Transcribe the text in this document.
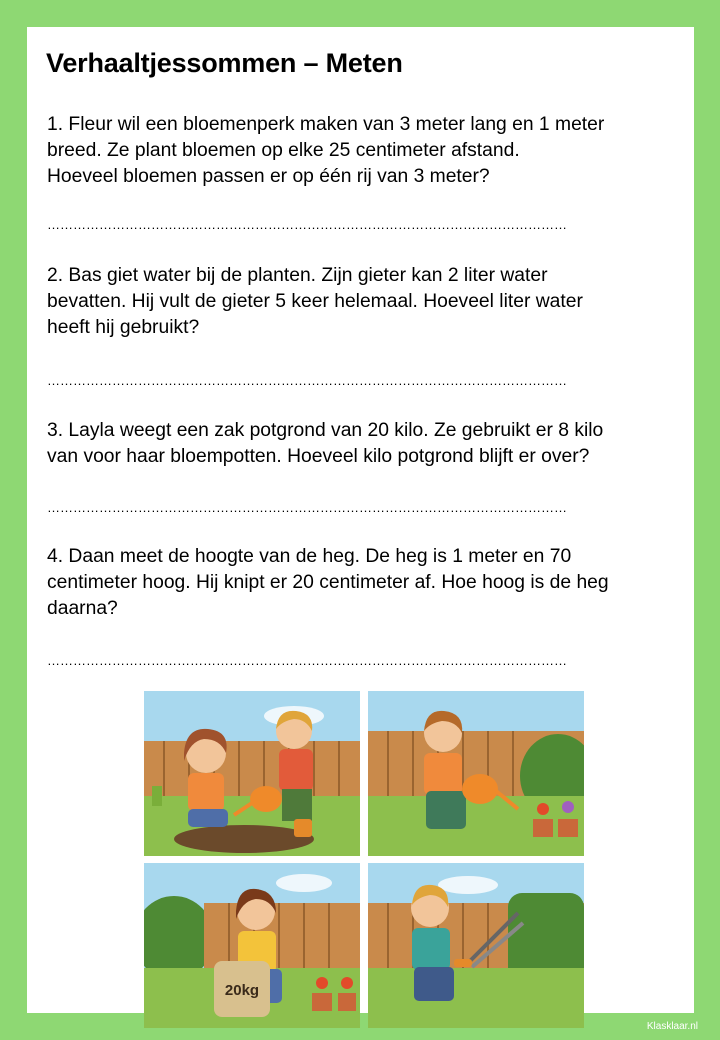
Verhaaltjessommen – Meten
1. Fleur wil een bloemenperk maken van 3 meter lang en 1 meter
breed. Ze plant bloemen op elke 25 centimeter afstand.
Hoeveel bloemen passen er op één rij van 3 meter?
…………………………………………………………………………………………………………
2. Bas giet water bij de planten. Zijn gieter kan 2 liter water
bevatten. Hij vult de gieter 5 keer helemaal. Hoeveel liter water
heeft hij gebruikt?
…………………………………………………………………………………………………………
3. Layla weegt een zak potgrond van 20 kilo. Ze gebruikt er 8 kilo
van voor haar bloempotten. Hoeveel kilo potgrond blijft er over?
…………………………………………………………………………………………………………
4. Daan meet de hoogte van de heg. De heg is 1 meter en 70
centimeter hoog. Hij knipt er 20 centimeter af. Hoe hoog is de heg
daarna?
…………………………………………………………………………………………………………
20kg
Klasklaar.nl
